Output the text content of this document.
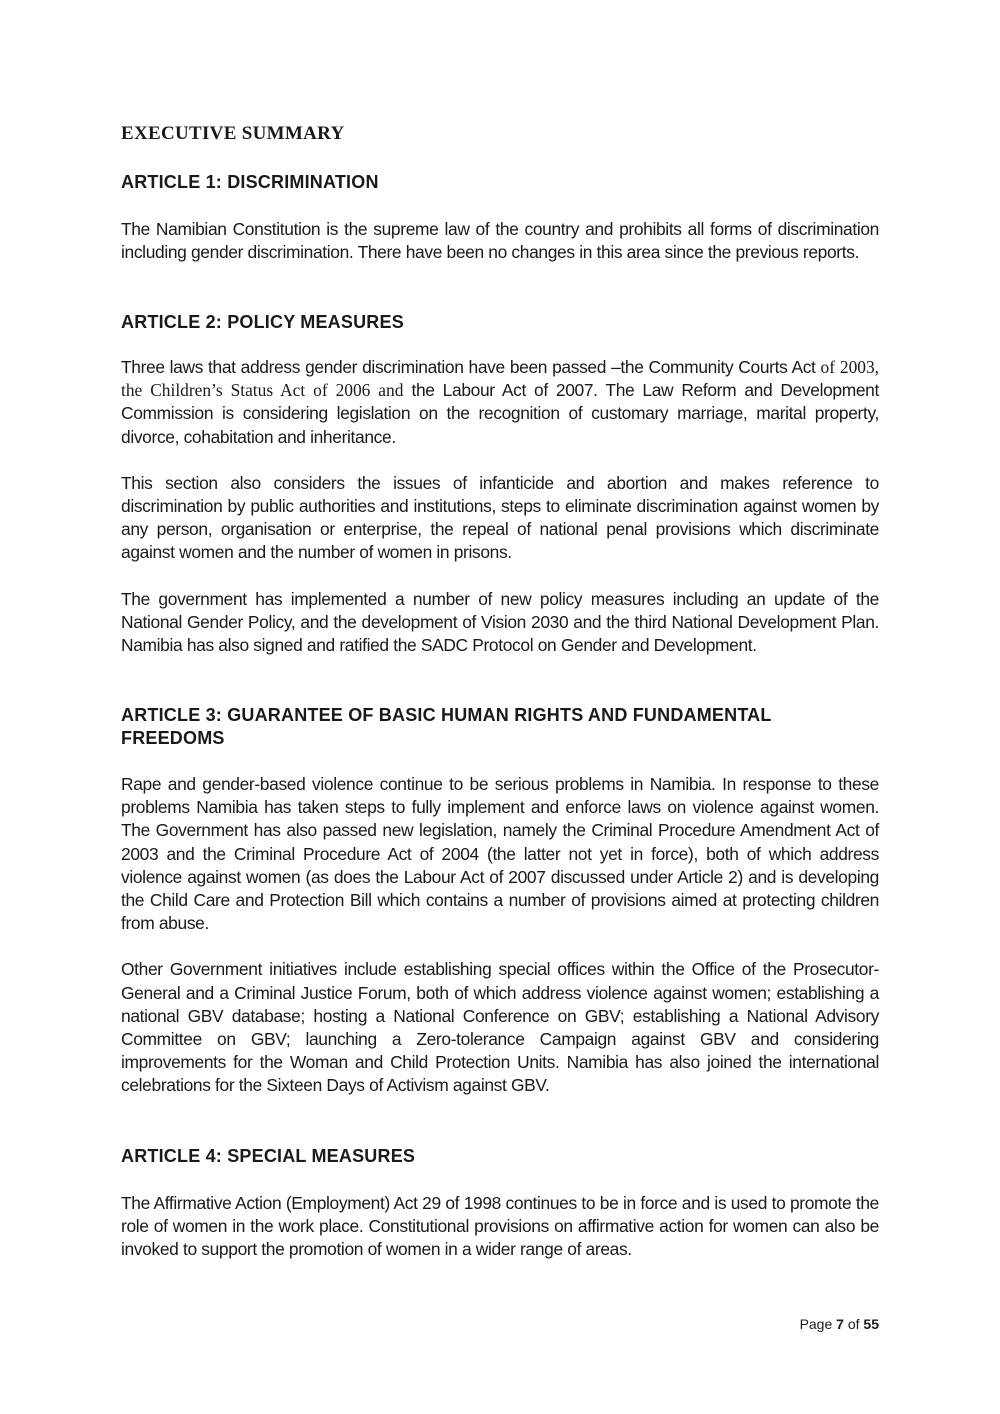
EXECUTIVE SUMMARY
ARTICLE 1: DISCRIMINATION

The Namibian Constitution is the supreme law of the country and prohibits all forms of discrimination including gender discrimination. There have been no changes in this area since the previous reports.

ARTICLE 2: POLICY MEASURES

Three laws that address gender discrimination have been passed –the Community Courts Act of 2003, the Children’s Status Act of 2006 and the Labour Act of 2007. The Law Reform and Development Commission is considering legislation on the recognition of customary marriage, marital property, divorce, cohabitation and inheritance.

This section also considers the issues of infanticide and abortion and makes reference to discrimination by public authorities and institutions, steps to eliminate discrimination against women by any person, organisation or enterprise, the repeal of national penal provisions which discriminate against women and the number of women in prisons.

The government has implemented a number of new policy measures including an update of the National Gender Policy, and the development of Vision 2030 and the third National Development Plan. Namibia has also signed and ratified the SADC Protocol on Gender and Development.

ARTICLE 3: GUARANTEE OF BASIC HUMAN RIGHTS AND FUNDAMENTAL FREEDOMS

Rape and gender-based violence continue to be serious problems in Namibia. In response to these problems Namibia has taken steps to fully implement and enforce laws on violence against women. The Government has also passed new legislation, namely the Criminal Procedure Amendment Act of 2003 and the Criminal Procedure Act of 2004 (the latter not yet in force), both of which address violence against women (as does the Labour Act of 2007 discussed under Article 2) and is developing the Child Care and Protection Bill which contains a number of provisions aimed at protecting children from abuse.

Other Government initiatives include establishing special offices within the Office of the Prosecutor-General and a Criminal Justice Forum, both of which address violence against women; establishing a national GBV database; hosting a National Conference on GBV; establishing a National Advisory Committee on GBV; launching a Zero-tolerance Campaign against GBV and considering improvements for the Woman and Child Protection Units. Namibia has also joined the international celebrations for the Sixteen Days of Activism against GBV.

ARTICLE 4: SPECIAL MEASURES

The Affirmative Action (Employment) Act 29 of 1998 continues to be in force and is used to promote the role of women in the work place. Constitutional provisions on affirmative action for women can also be invoked to support the promotion of women in a wider range of areas.

Page 7 of 55
